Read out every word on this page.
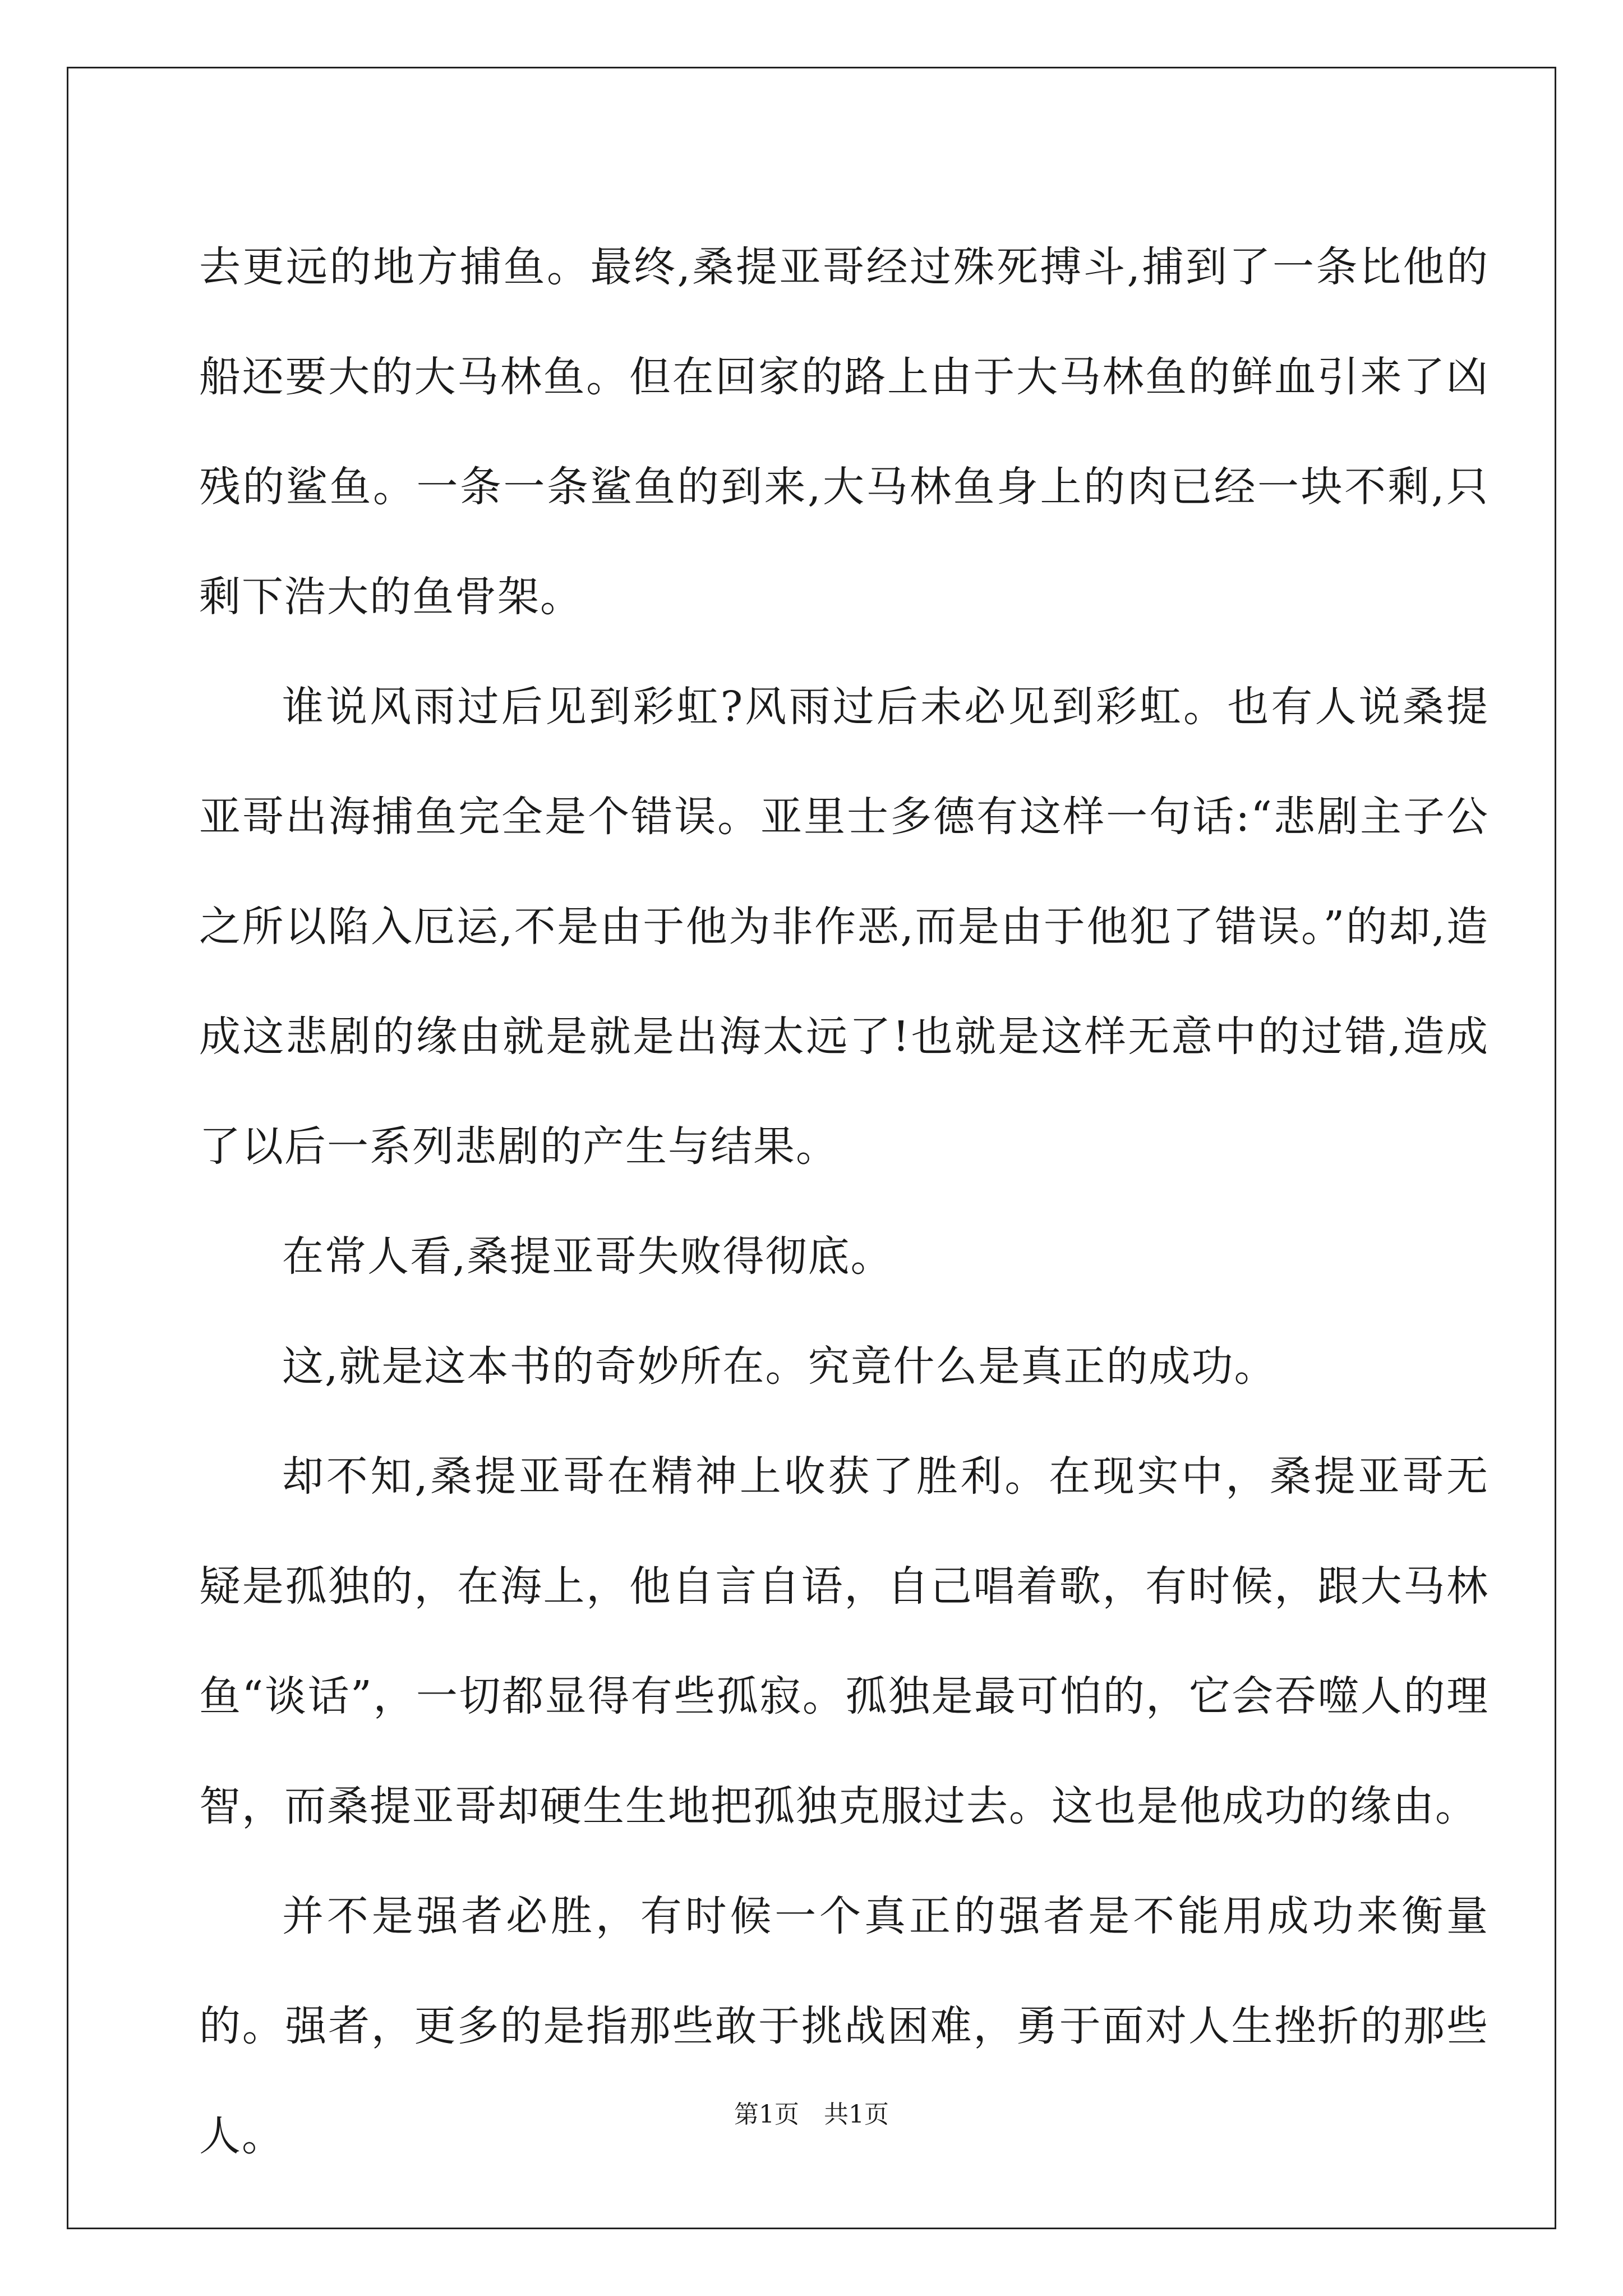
去更远的地方捕鱼。最终,桑提亚哥经过殊死搏斗,捕到了一条比他的船还要大的大马林鱼。但在回家的路上由于大马林鱼的鲜血引来了凶残的鲨鱼。一条一条鲨鱼的到来,大马林鱼身上的肉已经一块不剩,只剩下浩大的鱼骨架。

谁说风雨过后见到彩虹?风雨过后未必见到彩虹。也有人说桑提亚哥出海捕鱼完全是个错误。亚里士多德有这样一句话:“悲剧主子公之所以陷入厄运,不是由于他为非作恶,而是由于他犯了错误。”的却,造成这悲剧的缘由就是就是出海太远了!也就是这样无意中的过错,造成了以后一系列悲剧的产生与结果。

在常人看,桑提亚哥失败得彻底。

这,就是这本书的奇妙所在。究竟什么是真正的成功。

却不知,桑提亚哥在精神上收获了胜利。在现实中，桑提亚哥无疑是孤独的，在海上，他自言自语，自己唱着歌，有时候，跟大马林鱼“谈话”，一切都显得有些孤寂。孤独是最可怕的，它会吞噬人的理智，而桑提亚哥却硬生生地把孤独克服过去。这也是他成功的缘由。

并不是强者必胜，有时候一个真正的强者是不能用成功来衡量的。强者，更多的是指那些敢于挑战困难，勇于面对人生挫折的那些人。	第1页　共1页
